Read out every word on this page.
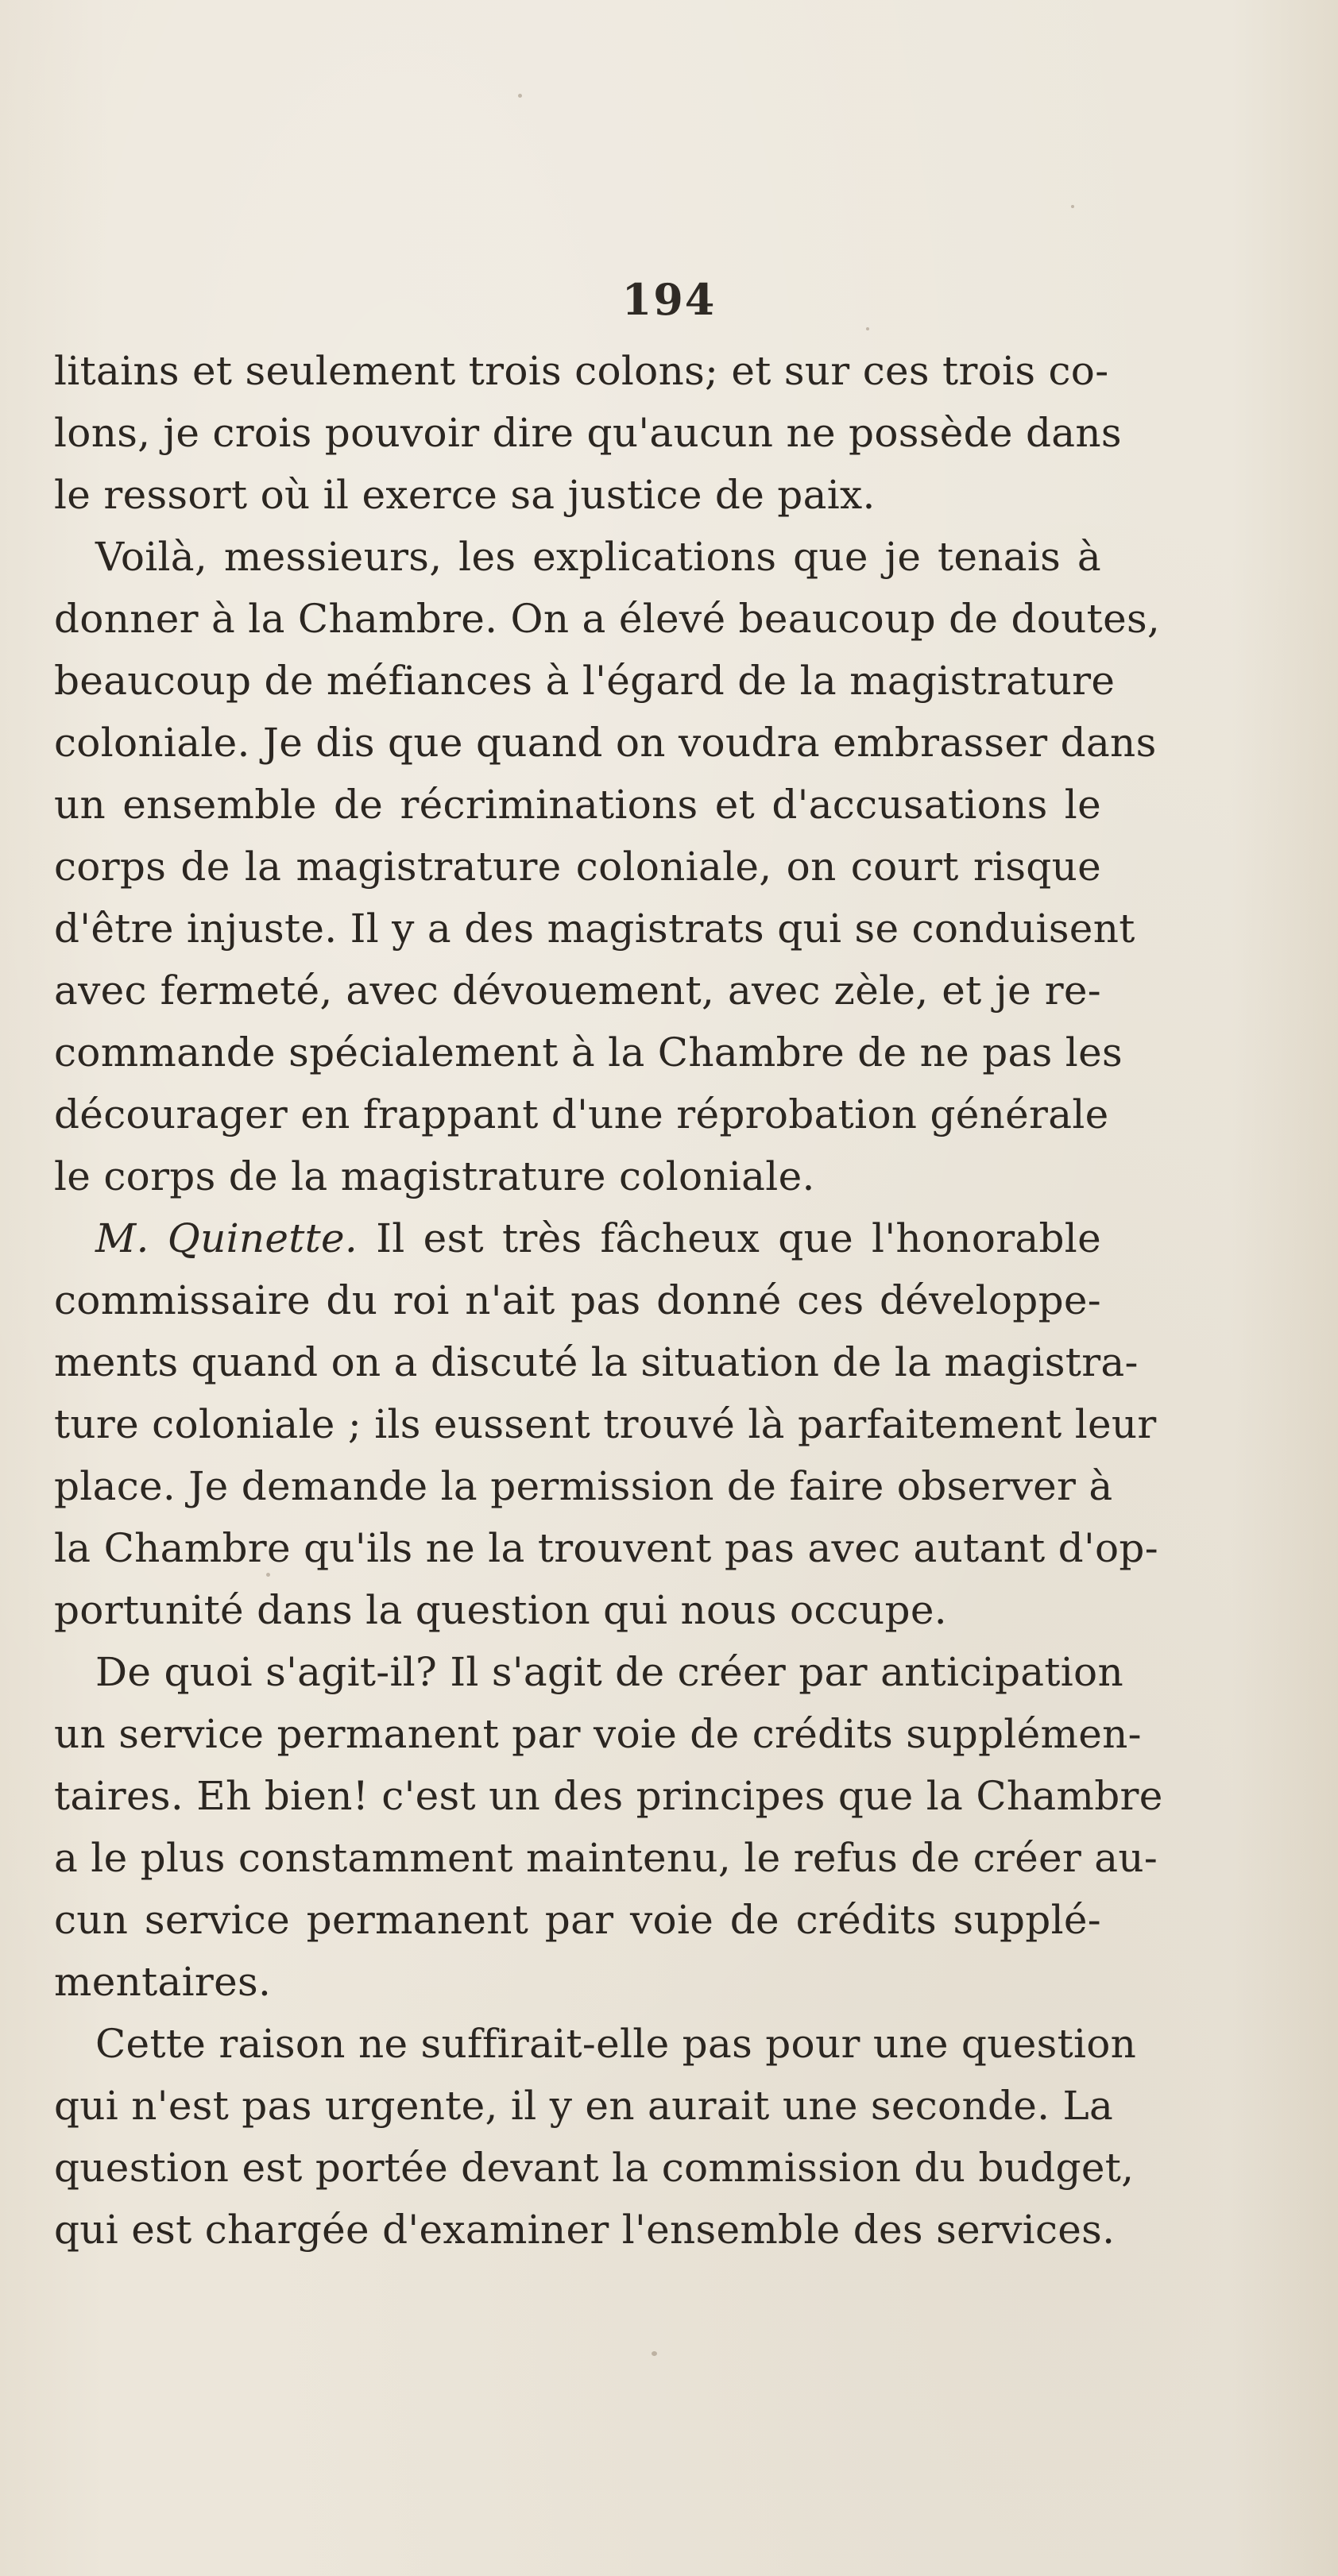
194
litains et seulement trois colons; et sur ces trois co-
lons, je crois pouvoir dire qu'aucun ne possède dans
le ressort où il exerce sa justice de paix.
Voilà, messieurs, les explications que je tenais à
donner à la Chambre. On a élevé beaucoup de doutes,
beaucoup de méfiances à l'égard de la magistrature
coloniale. Je dis que quand on voudra embrasser dans
un ensemble de récriminations et d'accusations le
corps de la magistrature coloniale, on court risque
d'être injuste. Il y a des magistrats qui se conduisent
avec fermeté, avec dévouement, avec zèle, et je re-
commande spécialement à la Chambre de ne pas les
décourager en frappant d'une réprobation générale
le corps de la magistrature coloniale.
M. Quinette. Il est très fâcheux que l'honorable
commissaire du roi n'ait pas donné ces développe-
ments quand on a discuté la situation de la magistra-
ture coloniale ; ils eussent trouvé là parfaitement leur
place. Je demande la permission de faire observer à
la Chambre qu'ils ne la trouvent pas avec autant d'op-
portunité dans la question qui nous occupe.
De quoi s'agit-il? Il s'agit de créer par anticipation
un service permanent par voie de crédits supplémen-
taires. Eh bien! c'est un des principes que la Chambre
a le plus constamment maintenu, le refus de créer au-
cun service permanent par voie de crédits supplé-
mentaires.
Cette raison ne suffirait-elle pas pour une question
qui n'est pas urgente, il y en aurait une seconde. La
question est portée devant la commission du budget,
qui est chargée d'examiner l'ensemble des services.
